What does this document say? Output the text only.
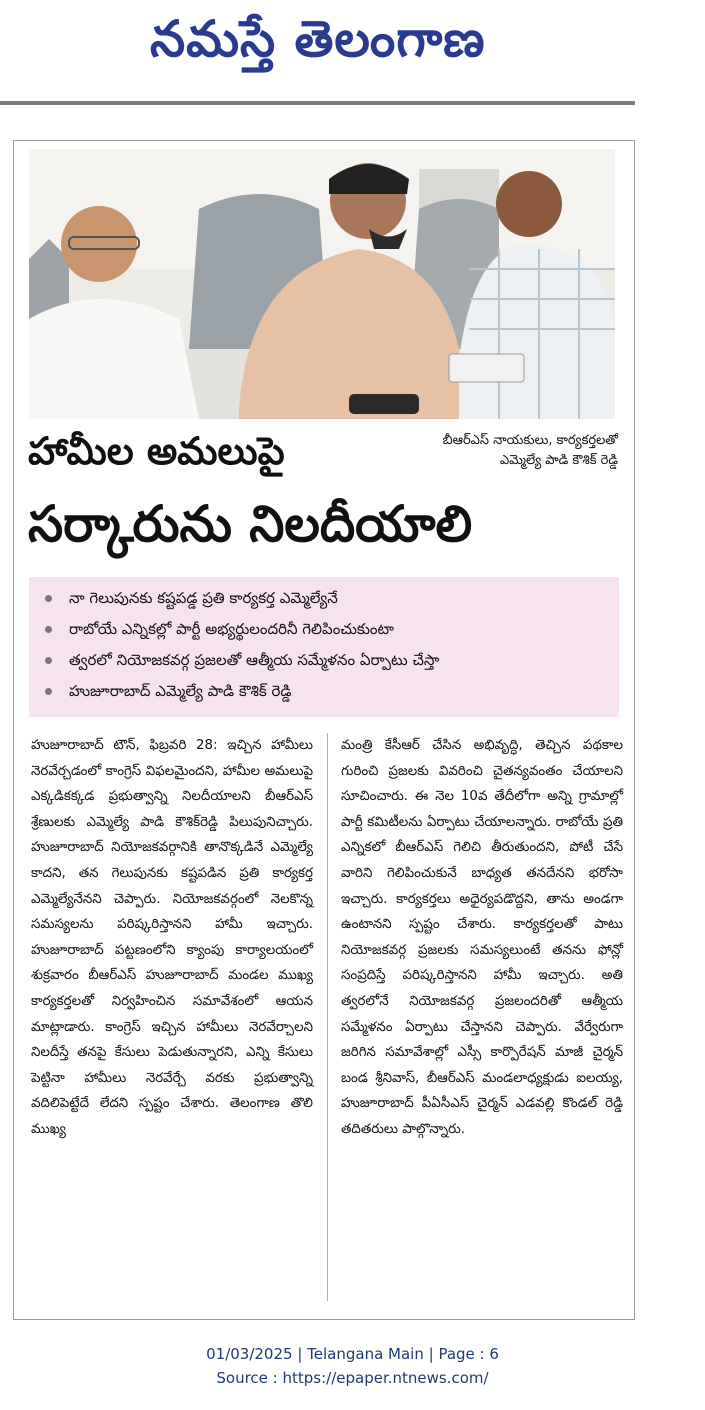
నమస్తే తెలంగాణ
హామీల అమలుపై	బీఆర్ఎస్ నాయకులు, కార్యకర్తలతో
ఎమ్మెల్యే పాడి కౌశిక్ రెడ్డి
సర్కారును నిలదీయాలి
నా గెలుపునకు కష్టపడ్డ ప్రతి కార్యకర్త ఎమ్మెల్యేనే
రాబోయే ఎన్నికల్లో పార్టీ అభ్యర్థులందరినీ గెలిపించుకుంటా
త్వరలో నియోజకవర్గ ప్రజలతో ఆత్మీయ సమ్మేళనం ఏర్పాటు చేస్తా
హుజూరాబాద్ ఎమ్మెల్యే పాడి కౌశిక్ రెడ్డి
హుజూరాబాద్ టౌన్, ఫిబ్రవరి 28: ఇచ్చిన హామీలు నెరవేర్చడంలో కాంగ్రెస్ విఫలమైందని, హామీల అమలుపై ఎక్కడికక్కడ ప్రభుత్వాన్ని నిలదీయాలని బీఆర్ఎస్ శ్రేణులకు ఎమ్మెల్యే పాడి కౌశిక్‌రెడ్డి పిలుపునిచ్చారు. హుజూరాబాద్ నియోజకవర్గానికి తానొక్కడినే ఎమ్మెల్యే కాదని, తన గెలుపునకు కష్టపడిన ప్రతి కార్యకర్త ఎమ్మెల్యేనేనని చెప్పారు. నియోజకవర్గంలో నెలకొన్న సమస్యలను పరిష్కరిస్తానని హామీ ఇచ్చారు. హుజూరాబాద్ పట్టణంలోని క్యాంపు కార్యాలయంలో శుక్రవారం బీఆర్ఎస్ హుజూరాబాద్ మండల ముఖ్య కార్యకర్తలతో నిర్వహించిన సమావేశంలో ఆయన మాట్లాడారు. కాంగ్రెస్ ఇచ్చిన హామీలు నెరవేర్చాలని నిలదీస్తే తనపై కేసులు పెడుతున్నారని, ఎన్ని కేసులు పెట్టినా హామీలు నెరవేర్చే వరకు ప్రభుత్వాన్ని వదిలిపెట్టేదే లేదని స్పష్టం చేశారు. తెలంగాణ తొలి ముఖ్య
మంత్రి కేసీఆర్ చేసిన అభివృద్ధి, తెచ్చిన పథకాల గురించి ప్రజలకు వివరించి చైతన్యవంతం చేయాలని సూచించారు. ఈ నెల 10వ తేదీలోగా అన్ని గ్రామాల్లో పార్టీ కమిటీలను ఏర్పాటు చేయాలన్నారు. రాబోయే ప్రతి ఎన్నికలో బీఆర్ఎస్ గెలిచి తీరుతుందని, పోటీ చేసే వారిని గెలిపించుకునే బాధ్యత తనదేనని భరోసా ఇచ్చారు. కార్యకర్తలు అధైర్యపడొద్దని, తాను అండగా ఉంటానని స్పష్టం చేశారు. కార్యకర్తలతో పాటు నియోజకవర్గ ప్రజలకు సమస్యలుంటే తనను ఫోన్లో సంప్రదిస్తే పరిష్కరిస్తానని హామీ ఇచ్చారు. అతి త్వరలోనే నియోజకవర్గ ప్రజలందరితో ఆత్మీయ సమ్మేళనం ఏర్పాటు చేస్తానని చెప్పారు. వేర్వేరుగా జరిగిన సమావేశాల్లో ఎస్సీ కార్పొరేషన్ మాజీ చైర్మన్ బండ శ్రీనివాస్, బీఆర్ఎస్ మండలాధ్యక్షుడు ఐలయ్య, హుజూరాబాద్ పీఏసీఎస్ చైర్మన్ ఎడవల్లి కొండల్ రెడ్డి తదితరులు పాల్గొన్నారు.
01/03/2025 | Telangana Main | Page : 6
Source : https://epaper.ntnews.com/
